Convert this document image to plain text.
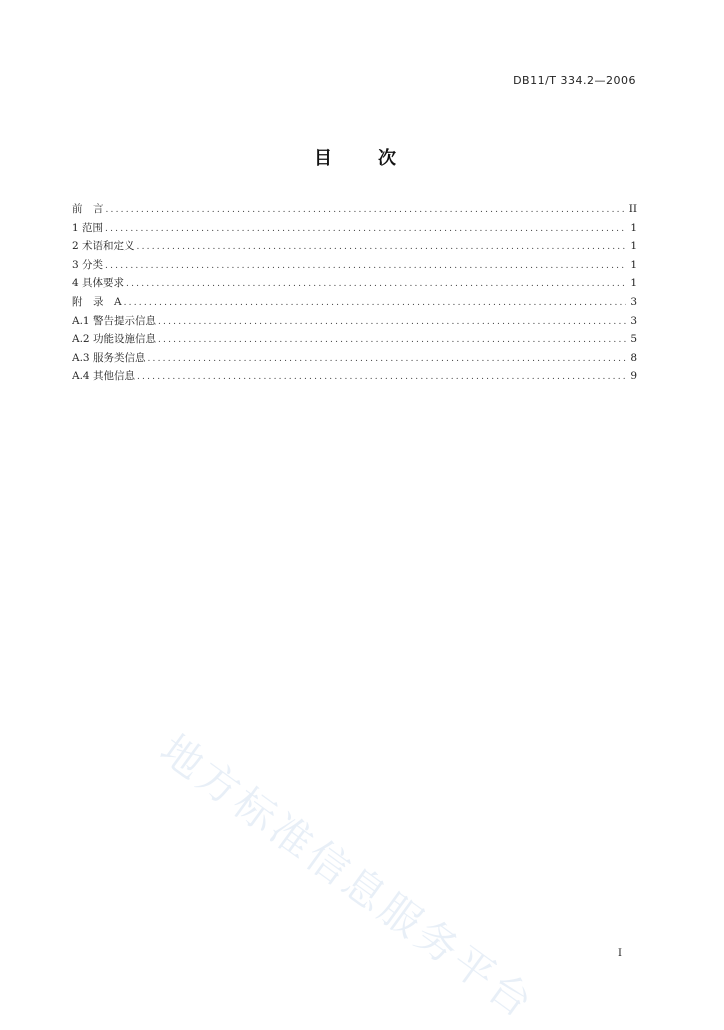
DB11/T 334.2—2006
目　次
前　言 .....	II
1 范围 .....	1
2 术语和定义 .....	1
3 分类 .....	1
4 具体要求 .....	1
附　录　A .....	3
A.1 警告提示信息 .....	3
A.2 功能设施信息 .....	5
A.3 服务类信息 .....	8
A.4 其他信息 .....	9
地方标准信息服务平台	I
